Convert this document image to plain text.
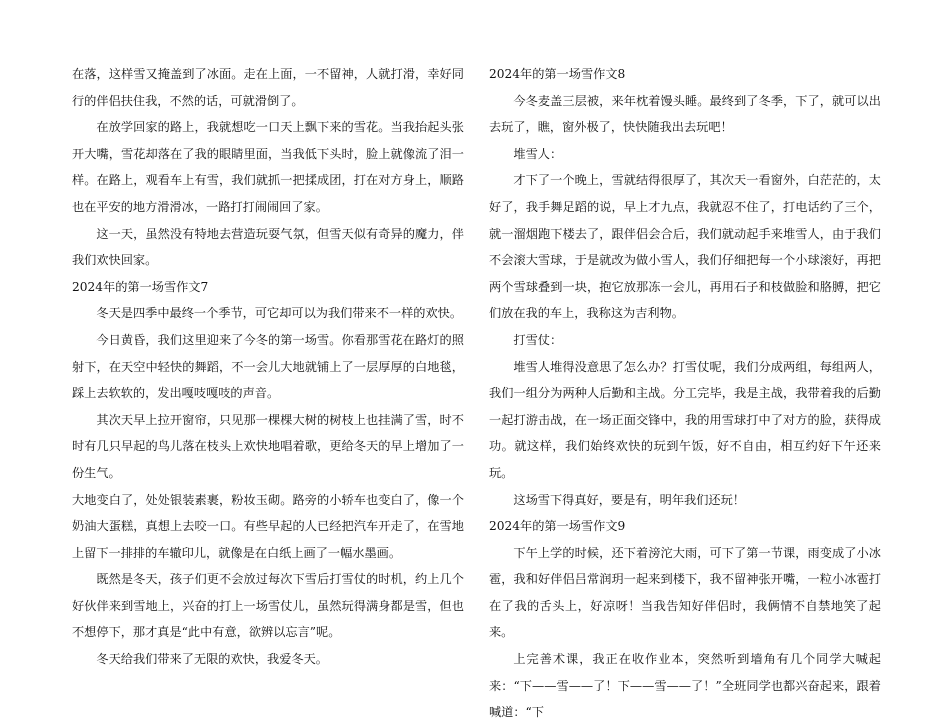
在落，这样雪又掩盖到了冰面。走在上面，一不留神，人就打滑，幸好同行的伴侣扶住我，不然的话，可就滑倒了。

在放学回家的路上，我就想吃一口天上飘下来的雪花。当我抬起头张开大嘴，雪花却落在了我的眼睛里面，当我低下头时，脸上就像流了泪一样。在路上，观看车上有雪，我们就抓一把揉成团，打在对方身上，顺路也在平安的地方滑滑冰，一路打打闹闹回了家。

这一天，虽然没有特地去营造玩耍气氛，但雪天似有奇异的魔力，伴我们欢快回家。

2024年的第一场雪作文7

冬天是四季中最终一个季节，可它却可以为我们带来不一样的欢快。

今日黄昏，我们这里迎来了今冬的第一场雪。你看那雪花在路灯的照射下，在天空中轻快的舞蹈，不一会儿大地就铺上了一层厚厚的白地毯，踩上去软软的，发出嘎吱嘎吱的声音。

其次天早上拉开窗帘，只见那一棵棵大树的树枝上也挂满了雪，时不时有几只早起的鸟儿落在枝头上欢快地唱着歌，更给冬天的早上增加了一份生气。

大地变白了，处处银装素裹，粉妆玉砌。路旁的小轿车也变白了，像一个奶油大蛋糕，真想上去咬一口。有些早起的人已经把汽车开走了，在雪地上留下一排排的车辙印儿，就像是在白纸上画了一幅水墨画。

既然是冬天，孩子们更不会放过每次下雪后打雪仗的时机，约上几个好伙伴来到雪地上，兴奋的打上一场雪仗儿，虽然玩得满身都是雪，但也不想停下，那才真是“此中有意，欲辨以忘言”呢。

冬天给我们带来了无限的欢快，我爱冬天。

2024年的第一场雪作文8

今冬麦盖三层被，来年枕着馒头睡。最终到了冬季，下了，就可以出去玩了，瞧，窗外极了，快快随我出去玩吧！

堆雪人：

才下了一个晚上，雪就结得很厚了，其次天一看窗外，白茫茫的，太好了，我手舞足蹈的说，早上才九点，我就忍不住了，打电话约了三个，就一溜烟跑下楼去了，跟伴侣会合后，我们就动起手来堆雪人，由于我们不会滚大雪球，于是就改为做小雪人，我们仔细把每一个小球滚好，再把两个雪球叠到一块，抱它放那冻一会儿，再用石子和枝做脸和胳膊，把它们放在我的车上，我称这为吉利物。

打雪仗：

堆雪人堆得没意思了怎么办？打雪仗呢，我们分成两组，每组两人，我们一组分为两种人后勤和主战。分工完毕，我是主战，我带着我的后勤一起打游击战，在一场正面交锋中，我的用雪球打中了对方的脸，获得成功。就这样，我们始终欢快的玩到午饭，好不自由，相互约好下午还来玩。

这场雪下得真好，要是有，明年我们还玩！

2024年的第一场雪作文9

下午上学的时候，还下着滂沱大雨，可下了第一节课，雨变成了小冰雹，我和好伴侣吕常润玥一起来到楼下，我不留神张开嘴，一粒小冰雹打在了我的舌头上，好凉呀！当我告知好伴侣时，我俩情不自禁地笑了起来。

上完善术课，我正在收作业本，突然听到墙角有几个同学大喊起来：“下——雪——了！下——雪——了！”全班同学也都兴奋起来，跟着喊道：“下
